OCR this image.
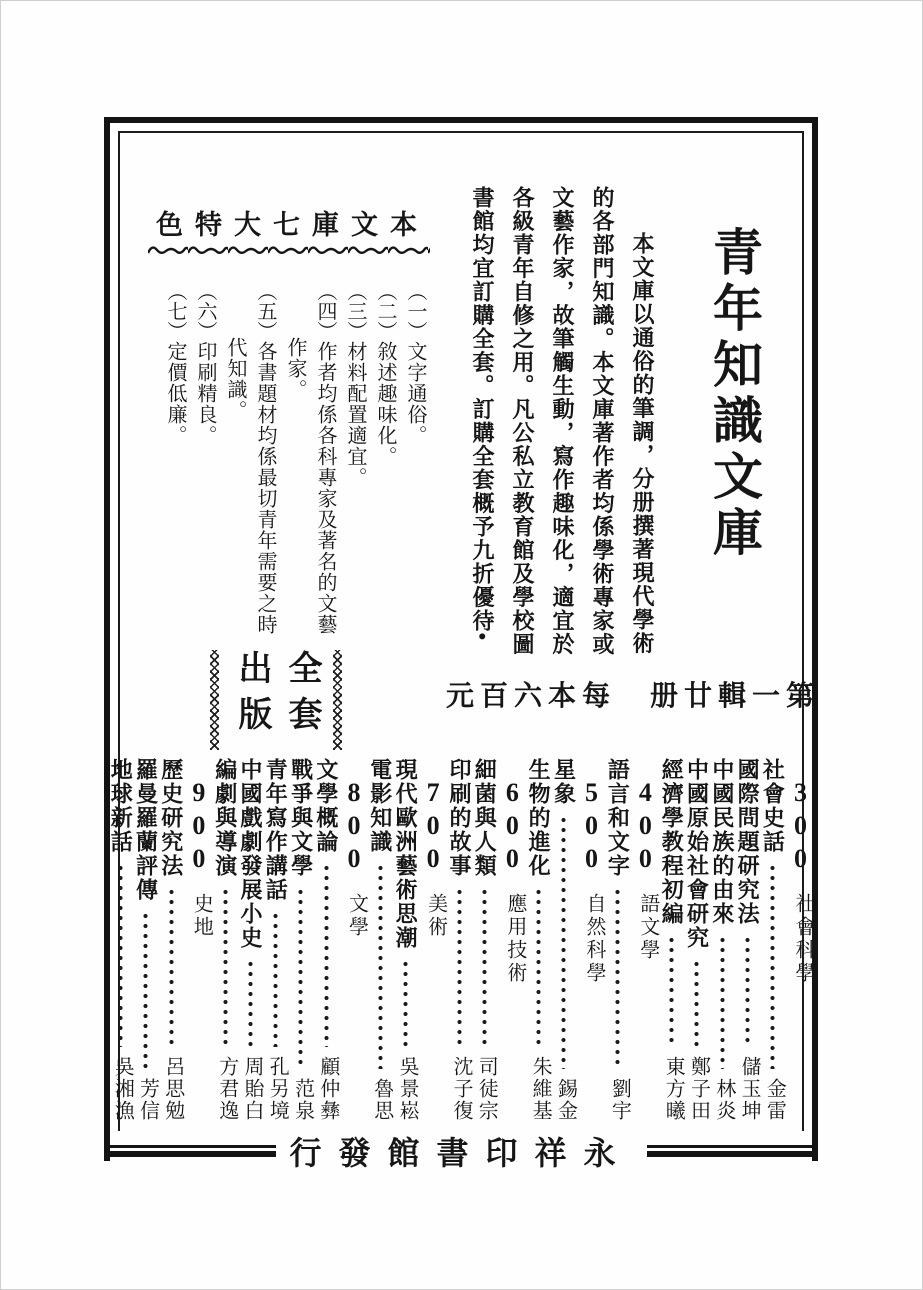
青年知識文庫
本文庫以通俗的筆調，分册撰著現代學術
的各部門知識。本文庫著作者均係學術專家或
文藝作家，故筆觸生動，寫作趣味化，適宜於
各級青年自修之用。凡公私立教育館及學校圖
書館均宜訂購全套。訂購全套概予九折優待•
色特大七庫文本
︵一︶文字通俗。
︵二︶敘述趣味化。
︵三︶材料配置適宜。
︵四︶作者均係各科專家及著名的文藝
作家。
︵五︶各書題材均係最切青年需要之時
代知識。
︵六︶印刷精良。
︵七︶定價低廉。
全套出版	元百六本每　册廿輯一第
300
社會科學
社會史話
金雷
國際問題研究法
儲玉坤
中國民族的由來
林炎
中國原始社會研究
鄭子田
經濟學教程初編
東方曦
400
語文學
語言和文字
劉宇
500
自然科學
星象
錫金
生物的進化
朱維基
600
應用技術
細菌與人類
司徒宗
印刷的故事
沈子復
700
美術
現代歐洲藝術思潮
吳景崧
電影知識
魯思
800
文學
文學概論
顧仲彝
戰爭與文學
范泉
青年寫作講話
孔另境
中國戲劇發展小史
周貽白
編劇與導演
方君逸
900
史地
歷史研究法
呂思勉
羅曼羅蘭評傳
芳信
地球新話
吳湘漁
行發館書印祥永
